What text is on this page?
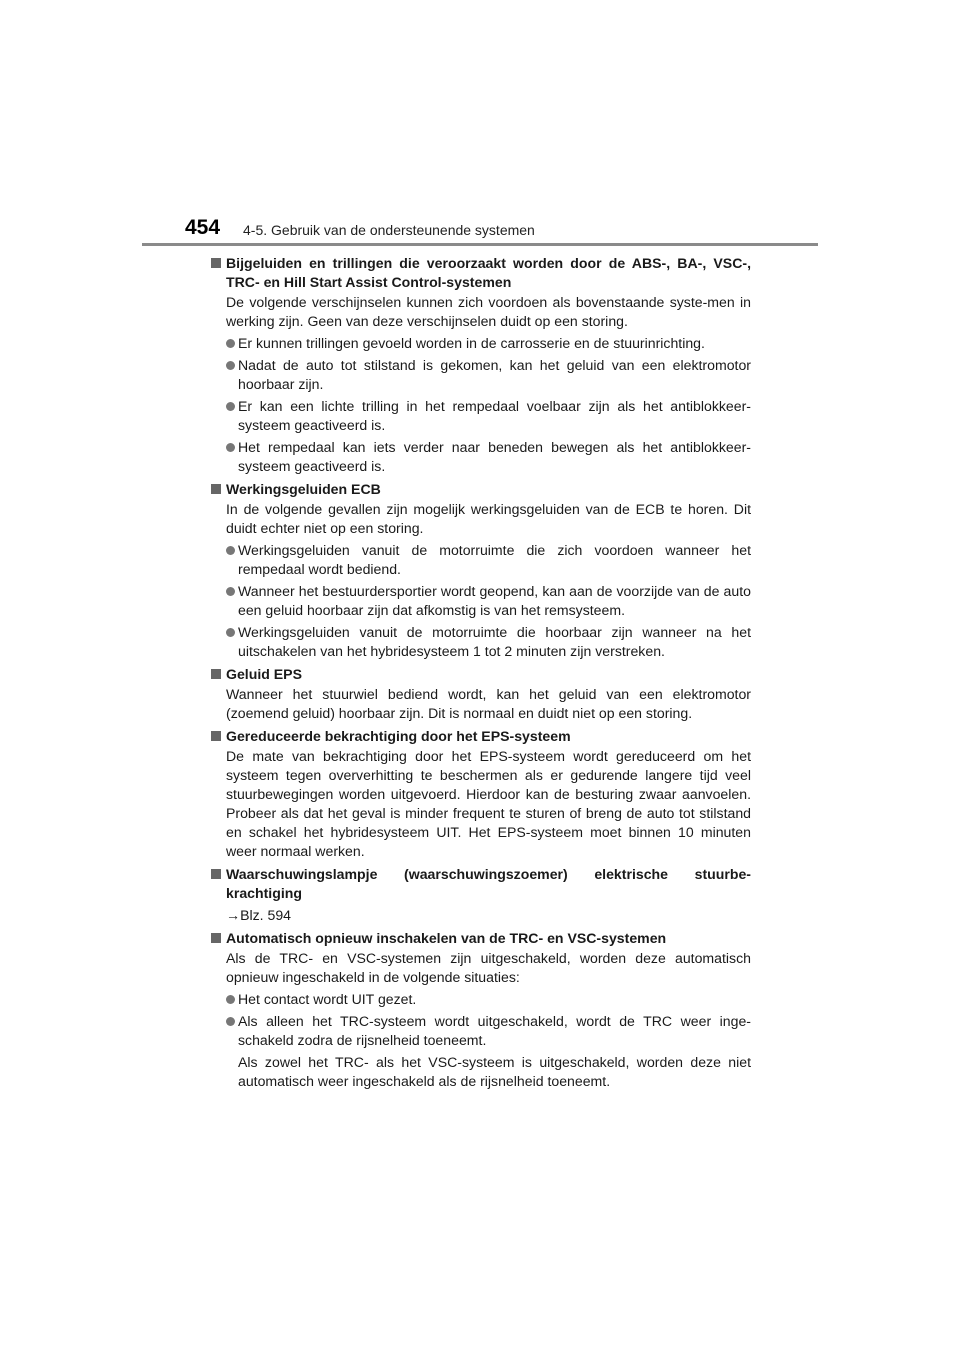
454 4-5. Gebruik van de ondersteunende systemen
Bijgeluiden en trillingen die veroorzaakt worden door de ABS-, BA-, VSC-, TRC- en Hill Start Assist Control-systemen
De volgende verschijnselen kunnen zich voordoen als bovenstaande syste-men in werking zijn. Geen van deze verschijnselen duidt op een storing.
Er kunnen trillingen gevoeld worden in de carrosserie en de stuurinrichting.
Nadat de auto tot stilstand is gekomen, kan het geluid van een elektromotor hoorbaar zijn.
Er kan een lichte trilling in het rempedaal voelbaar zijn als het antiblokkeer-systeem geactiveerd is.
Het rempedaal kan iets verder naar beneden bewegen als het antiblokkeer-systeem geactiveerd is.
Werkingsgeluiden ECB
In de volgende gevallen zijn mogelijk werkingsgeluiden van de ECB te horen. Dit duidt echter niet op een storing.
Werkingsgeluiden vanuit de motorruimte die zich voordoen wanneer het rempedaal wordt bediend.
Wanneer het bestuurdersportier wordt geopend, kan aan de voorzijde van de auto een geluid hoorbaar zijn dat afkomstig is van het remsysteem.
Werkingsgeluiden vanuit de motorruimte die hoorbaar zijn wanneer na het uitschakelen van het hybridesysteem 1 tot 2 minuten zijn verstreken.
Geluid EPS
Wanneer het stuurwiel bediend wordt, kan het geluid van een elektromotor (zoemend geluid) hoorbaar zijn. Dit is normaal en duidt niet op een storing.
Gereduceerde bekrachtiging door het EPS-systeem
De mate van bekrachtiging door het EPS-systeem wordt gereduceerd om het systeem tegen oververhitting te beschermen als er gedurende langere tijd veel stuurbewegingen worden uitgevoerd. Hierdoor kan de besturing zwaar aanvoelen. Probeer als dat het geval is minder frequent te sturen of breng de auto tot stilstand en schakel het hybridesysteem UIT. Het EPS-systeem moet binnen 10 minuten weer normaal werken.
Waarschuwingslampje (waarschuwingszoemer) elektrische stuurbe-krachtiging
→Blz. 594
Automatisch opnieuw inschakelen van de TRC- en VSC-systemen
Als de TRC- en VSC-systemen zijn uitgeschakeld, worden deze automatisch opnieuw ingeschakeld in de volgende situaties:
Het contact wordt UIT gezet.
Als alleen het TRC-systeem wordt uitgeschakeld, wordt de TRC weer inge-schakeld zodra de rijsnelheid toeneemt.
Als zowel het TRC- als het VSC-systeem is uitgeschakeld, worden deze niet automatisch weer ingeschakeld als de rijsnelheid toeneemt.
